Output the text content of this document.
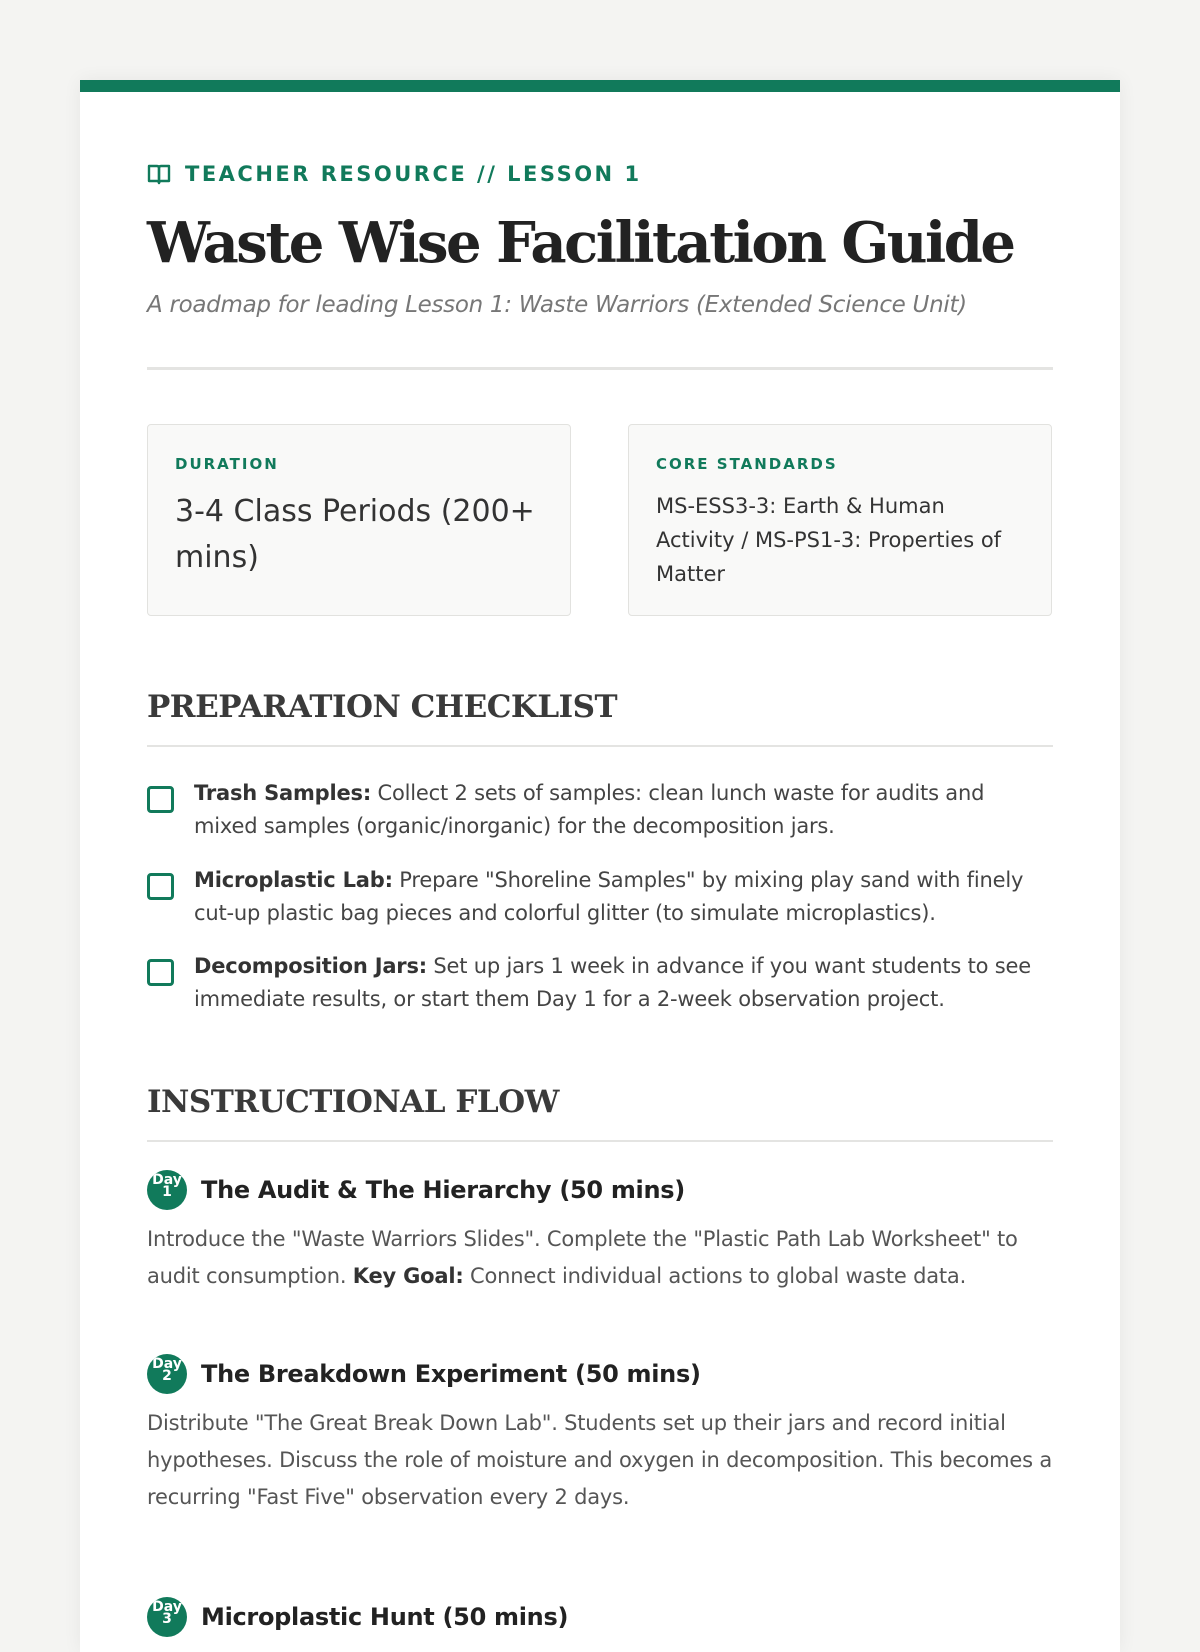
TEACHER RESOURCE // LESSON 1
Waste Wise Facilitation Guide
A roadmap for leading Lesson 1: Waste Warriors (Extended Science Unit)
DURATION
3-4 Class Periods (200+ mins)
CORE STANDARDS
MS-ESS3-3: Earth & Human Activity / MS-PS1-3: Properties of Matter
PREPARATION CHECKLIST
Trash Samples: Collect 2 sets of samples: clean lunch waste for audits and mixed samples (organic/inorganic) for the decomposition jars.
Microplastic Lab: Prepare "Shoreline Samples" by mixing play sand with finely cut-up plastic bag pieces and colorful glitter (to simulate microplastics).
Decomposition Jars: Set up jars 1 week in advance if you want students to see immediate results, or start them Day 1 for a 2-week observation project.
INSTRUCTIONAL FLOW
Day 1	The Audit & The Hierarchy (50 mins)
Introduce the "Waste Warriors Slides". Complete the "Plastic Path Lab Worksheet" to audit consumption. Key Goal: Connect individual actions to global waste data.
Day 2	The Breakdown Experiment (50 mins)
Distribute "The Great Break Down Lab". Students set up their jars and record initial hypotheses. Discuss the role of moisture and oxygen in decomposition. This becomes a recurring "Fast Five" observation every 2 days.
Day 3	Microplastic Hunt (50 mins)
